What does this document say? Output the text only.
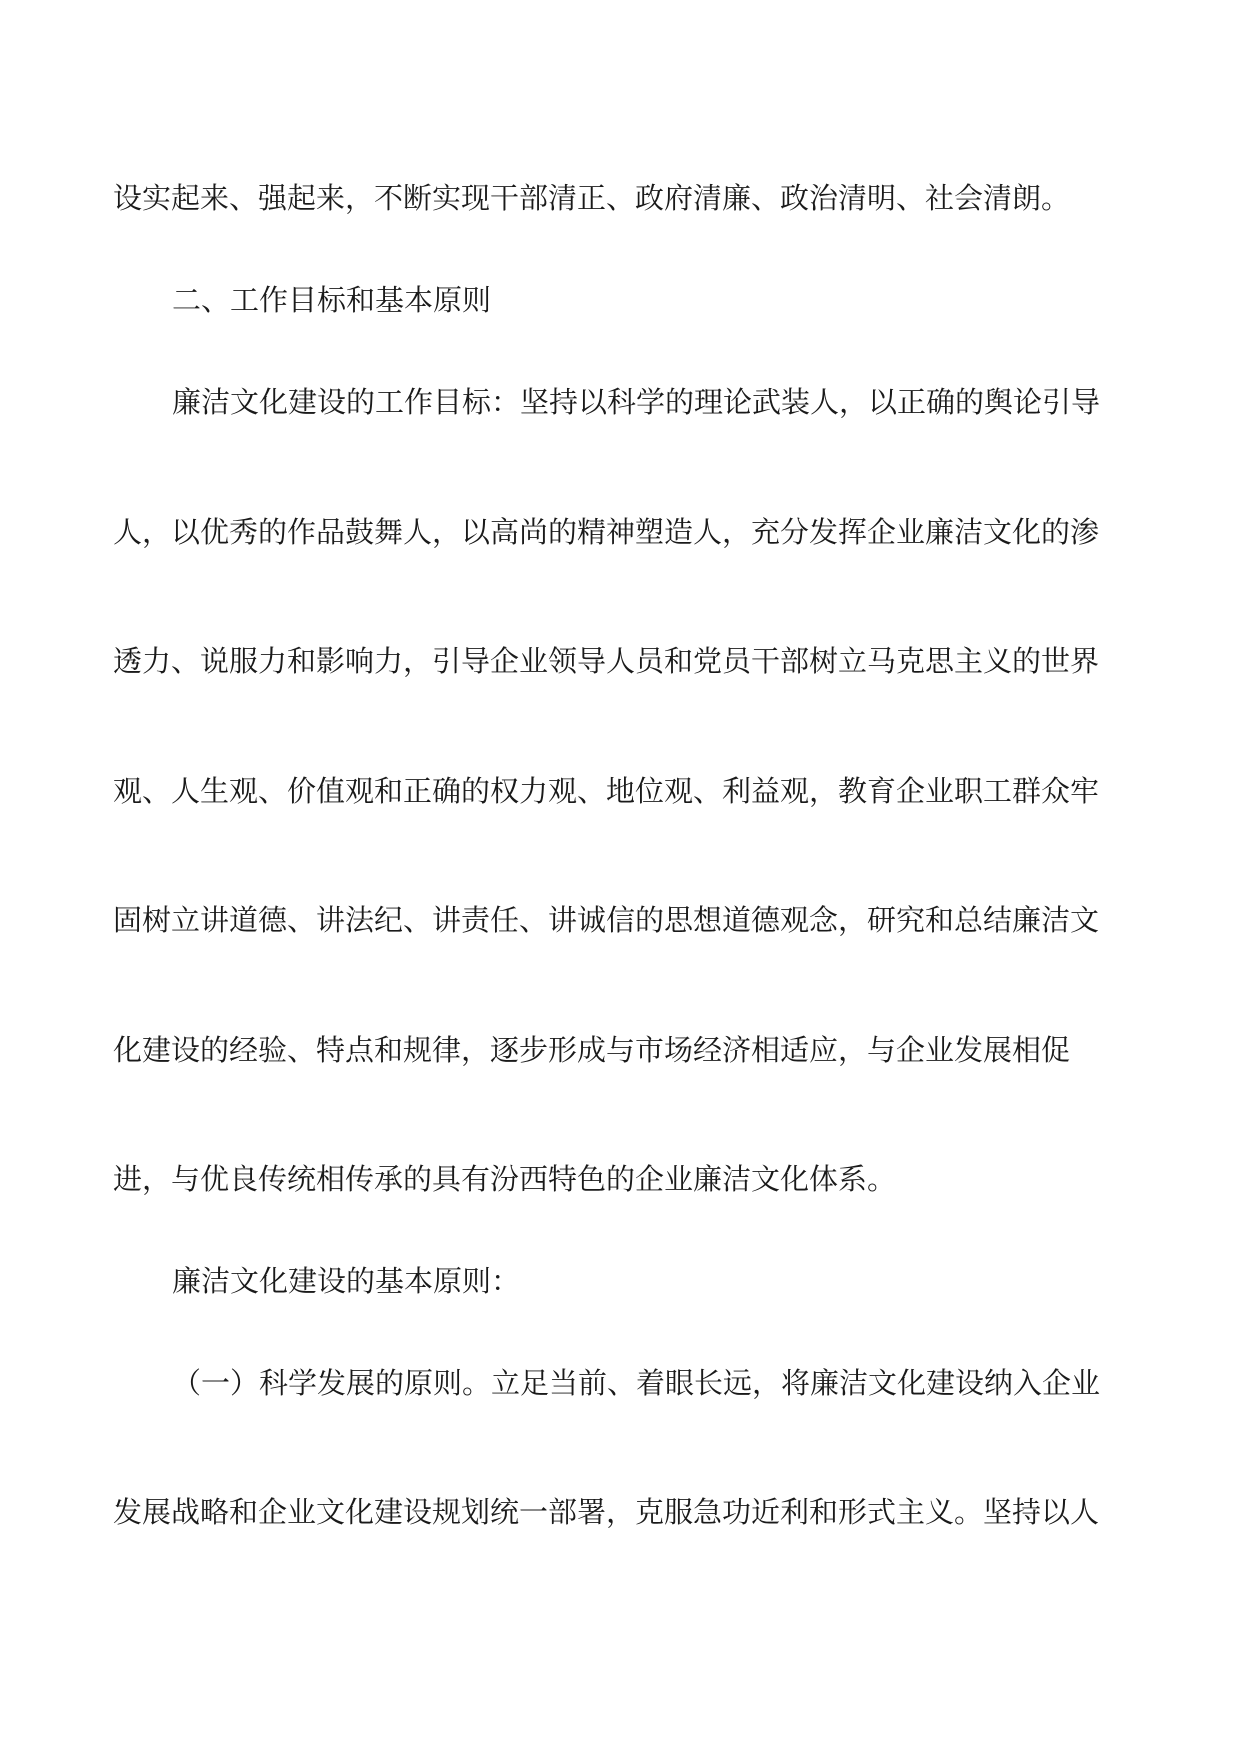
设实起来、强起来，不断实现干部清正、政府清廉、政治清明、社会清朗。

二、工作目标和基本原则

廉洁文化建设的工作目标：坚持以科学的理论武装人，以正确的舆论引导

人，以优秀的作品鼓舞人，以高尚的精神塑造人，充分发挥企业廉洁文化的渗

透力、说服力和影响力，引导企业领导人员和党员干部树立马克思主义的世界

观、人生观、价值观和正确的权力观、地位观、利益观，教育企业职工群众牢

固树立讲道德、讲法纪、讲责任、讲诚信的思想道德观念，研究和总结廉洁文

化建设的经验、特点和规律，逐步形成与市场经济相适应，与企业发展相促

进，与优良传统相传承的具有汾西特色的企业廉洁文化体系。

廉洁文化建设的基本原则：

（一）科学发展的原则。立足当前、着眼长远，将廉洁文化建设纳入企业

发展战略和企业文化建设规划统一部署，克服急功近利和形式主义。坚持以人
